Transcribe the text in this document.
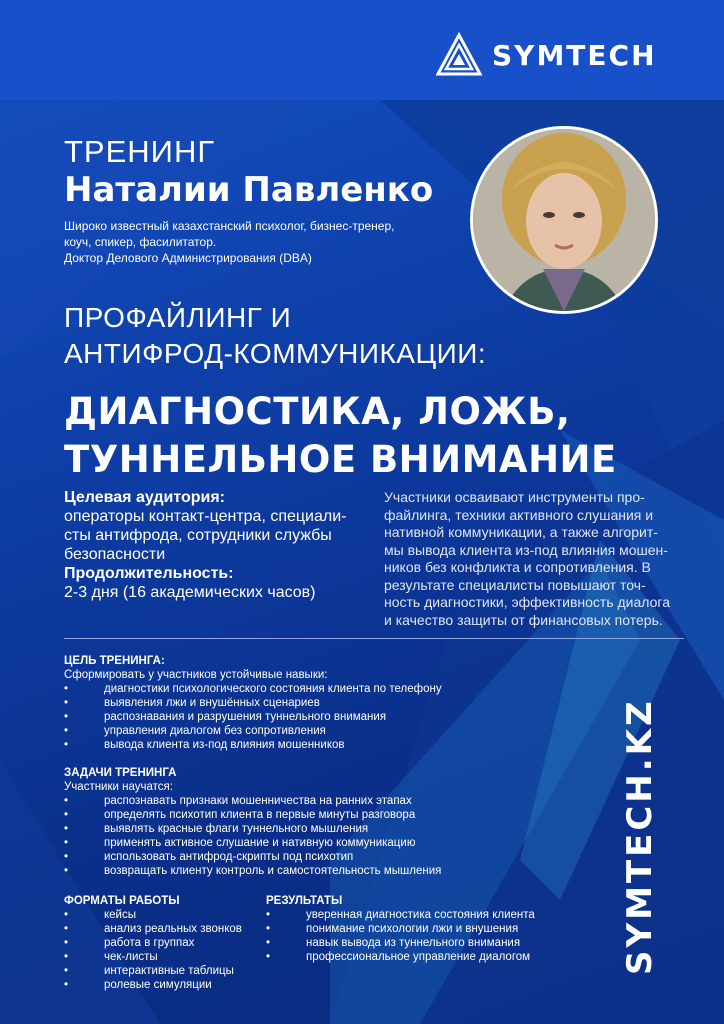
SYMTECH
ТРЕНИНГ
Наталии Павленко
Широко известный казахстанский психолог, бизнес-тренер,
коуч, спикер, фасилитатор.
Доктор Делового Администрирования (DBA)
ПРОФАЙЛИНГ И
АНТИФРОД-КОММУНИКАЦИИ:
ДИАГНОСТИКА, ЛОЖЬ,
ТУННЕЛЬНОЕ ВНИМАНИЕ
Целевая аудитория:
операторы контакт-центра, специали-
сты антифрода, сотрудники службы
безопасности
Продолжительность:
2-3 дня (16 академических часов)
Участники осваивают инструменты про-
файлинга, техники активного слушания и
нативной коммуникации, а также алгорит-
мы вывода клиента из-под влияния мошен-
ников без конфликта и сопротивления. В
результате специалисты повышают точ-
ность диагностики, эффективность диалога
и качество защиты от финансовых потерь.
ЦЕЛЬ ТРЕНИНГА:
Сформировать у участников устойчивые навыки:
• диагностики психологического состояния клиента по телефону
• выявления лжи и внушённых сценариев
• распознавания и разрушения туннельного внимания
• управления диалогом без сопротивления
• вывода клиента из-под влияния мошенников
ЗАДАЧИ ТРЕНИНГА
Участники научатся:
• распознавать признаки мошенничества на ранних этапах
• определять психотип клиента в первые минуты разговора
• выявлять красные флаги туннельного мышления
• применять активное слушание и нативную коммуникацию
• использовать антифрод-скрипты под психотип
• возвращать клиенту контроль и самостоятельность мышления
ФОРМАТЫ РАБОТЫ
• кейсы
• анализ реальных звонков
• работа в группах
• чек-листы
• интерактивные таблицы
• ролевые симуляции
РЕЗУЛЬТАТЫ
• уверенная диагностика состояния клиента
• понимание психологии лжи и внушения
• навык вывода из туннельного внимания
• профессиональное управление диалогом	SYMTECH.KZ
